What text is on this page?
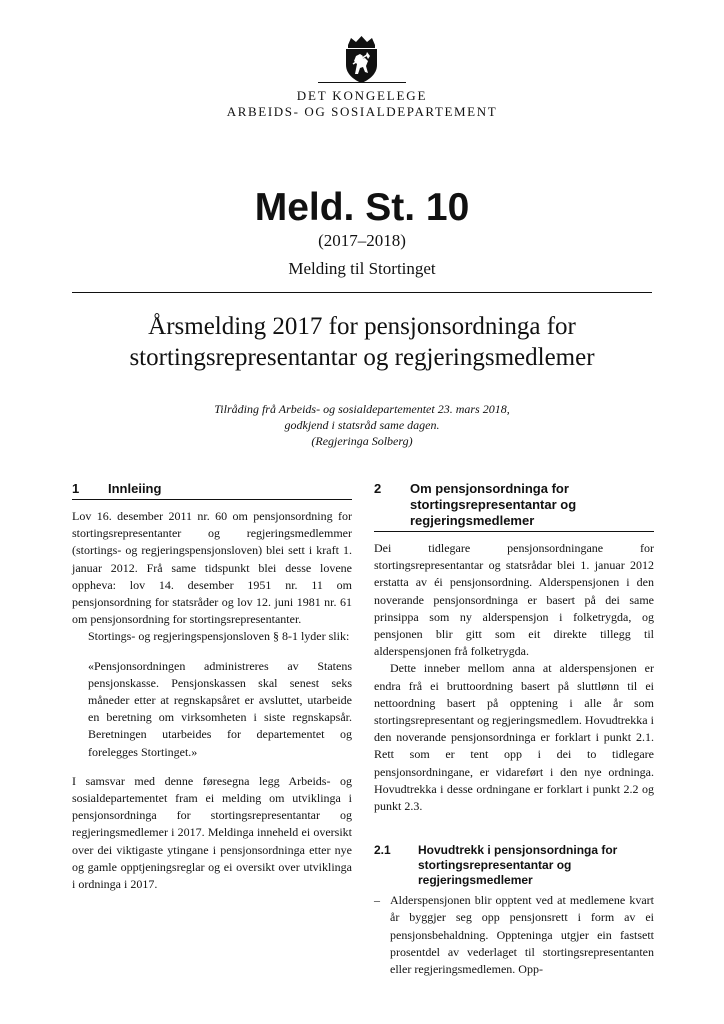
DET KONGELEGE
ARBEIDS- OG SOSIALDEPARTEMENT
Meld. St. 10
(2017–2018)
Melding til Stortinget
Årsmelding 2017 for pensjonsordninga for stortingsrepresentantar og regjeringsmedlemer
Tilråding frå Arbeids- og sosialdepartementet 23. mars 2018,
godkjend i statsråd same dagen.
(Regjeringa Solberg)
1	Innleiing

Lov 16. desember 2011 nr. 60 om pensjonsordning for stortingsrepresentanter og regjeringsmedlemmer (stortings- og regjeringspensjonsloven) blei sett i kraft 1. januar 2012. Frå same tidspunkt blei desse lovene oppheva: lov 14. desember 1951 nr. 11 om pensjonsordning for statsråder og lov 12. juni 1981 nr. 61 om pensjonsordning for stortingsrepresentanter.

Stortings- og regjeringspensjonsloven § 8-1 lyder slik:

«Pensjonsordningen administreres av Statens pensjonskasse. Pensjonskassen skal senest seks måneder etter at regnskapsåret er avsluttet, utarbeide en beretning om virksomheten i siste regnskapsår. Beretningen utarbeides for departementet og forelegges Stortinget.»

I samsvar med denne føresegna legg Arbeids- og sosialdepartementet fram ei melding om utviklinga i pensjonsordninga for stortingsrepresentantar og regjeringsmedlemer i 2017. Meldinga inneheld ei oversikt over dei viktigaste ytingane i pensjonsordninga etter nye og gamle opptjeningsreglar og ei oversikt over utviklinga i ordninga i 2017.

2	Om pensjonsordninga for stortingsrepresentantar og regjeringsmedlemer

Dei tidlegare pensjonsordningane for stortingsrepresentantar og statsrådar blei 1. januar 2012 erstatta av éi pensjonsordning. Alderspensjonen i den noverande pensjonsordninga er basert på dei same prinsippa som ny alderspensjon i folketrygda, og pensjonen blir gitt som eit direkte tillegg til alderspensjonen frå folketrygda.

Dette inneber mellom anna at alderspensjonen er endra frå ei bruttoordning basert på sluttlønn til ei nettoordning basert på opptening i alle år som stortingsrepresentant og regjeringsmedlem. Hovudtrekka i den noverande pensjonsordninga er forklart i punkt 2.1. Rett som er tent opp i dei to tidlegare pensjonsordningane, er vidareført i den nye ordninga. Hovudtrekka i desse ordningane er forklart i punkt 2.2 og punkt 2.3.

2.1	Hovudtrekk i pensjonsordninga for stortingsrepresentantar og regjeringsmedlemer
– Alderspensjonen blir opptent ved at medlemene kvart år byggjer seg opp pensjonsrett i form av ei pensjonsbehaldning. Oppteninga utgjer ein fastsett prosentdel av vederlaget til stortingsrepresentanten eller regjeringsmedlemen. Opp-
